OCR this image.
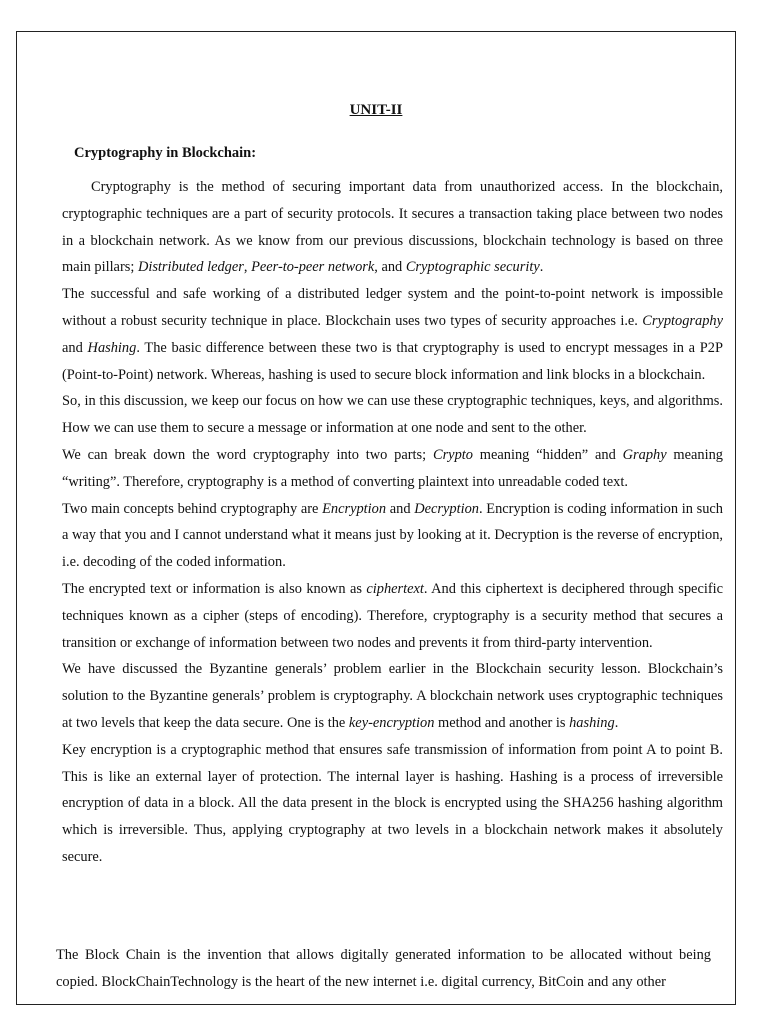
UNIT-II
Cryptography in Blockchain:

Cryptography is the method of securing important data from unauthorized access. In the blockchain, cryptographic techniques are a part of security protocols. It secures a transaction taking place between two nodes in a blockchain network. As we know from our previous discussions, blockchain technology is based on three main pillars; Distributed ledger, Peer-to-peer network, and Cryptographic security.

The successful and safe working of a distributed ledger system and the point-to-point network is impossible without a robust security technique in place. Blockchain uses two types of security approaches i.e. Cryptography and Hashing. The basic difference between these two is that cryptography is used to encrypt messages in a P2P (Point-to-Point) network. Whereas, hashing is used to secure block information and link blocks in a blockchain.

So, in this discussion, we keep our focus on how we can use these cryptographic techniques, keys, and algorithms. How we can use them to secure a message or information at one node and sent to the other.

We can break down the word cryptography into two parts; Crypto meaning “hidden” and Graphy meaning “writing”. Therefore, cryptography is a method of converting plaintext into unreadable coded text.

Two main concepts behind cryptography are Encryption and Decryption. Encryption is coding information in such a way that you and I cannot understand what it means just by looking at it. Decryption is the reverse of encryption, i.e. decoding of the coded information.

The encrypted text or information is also known as ciphertext. And this ciphertext is deciphered through specific techniques known as a cipher (steps of encoding). Therefore, cryptography is a security method that secures a transition or exchange of information between two nodes and prevents it from third-party intervention.

We have discussed the Byzantine generals’ problem earlier in the Blockchain security lesson. Blockchain’s solution to the Byzantine generals’ problem is cryptography. A blockchain network uses cryptographic techniques at two levels that keep the data secure. One is the key-encryption method and another is hashing.

Key encryption is a cryptographic method that ensures safe transmission of information from point A to point B. This is like an external layer of protection. The internal layer is hashing. Hashing is a process of irreversible encryption of data in a block. All the data present in the block is encrypted using the SHA256 hashing algorithm which is irreversible. Thus, applying cryptography at two levels in a blockchain network makes it absolutely secure.

The Block Chain is the invention that allows digitally generated information to be allocated without being copied. BlockChainTechnology is the heart of the new internet i.e. digital currency, BitCoin and any other
